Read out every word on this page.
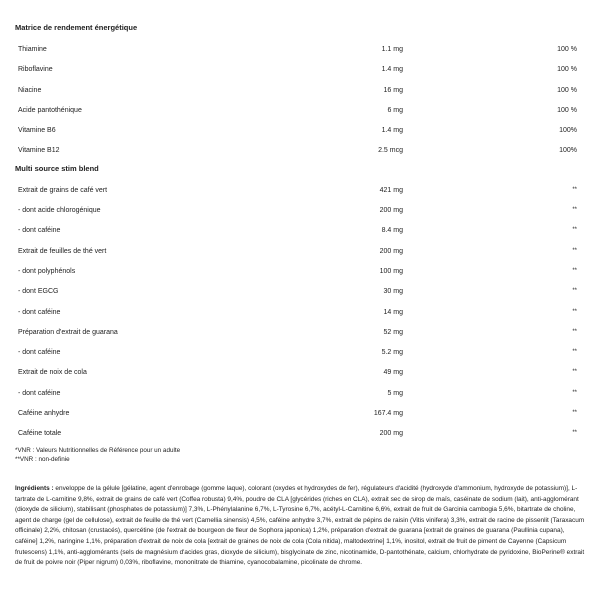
Matrice de rendement énergétique
Thiamine	1.1 mg	100 %
Riboflavine	1.4 mg	100 %
Niacine	16 mg	100 %
Acide pantothénique	6 mg	100 %
Vitamine B6	1.4 mg	100%
Vitamine B12	2.5 mcg	100%
Multi source stim blend
Extrait de grains de café vert	421 mg	**
- dont acide chlorogénique	200 mg	**
- dont caféine	8.4 mg	**
Extrait de feuilles de thé vert	200 mg	**
- dont polyphénols	100 mg	**
- dont EGCG	30 mg	**
- dont caféine	14 mg	**
Préparation d'extrait de guarana	52 mg	**
- dont caféine	5.2 mg	**
Extrait de noix de cola	49 mg	**
- dont caféine	5 mg	**
Caféine anhydre	167.4 mg	**
Caféine totale	200 mg	**
*VNR : Valeurs Nutritionnelles de Référence pour un adulte
**VNR : non-definie
Ingrédients : enveloppe de la gélule [gélatine, agent d'enrobage (gomme laque), colorant (oxydes et hydroxydes de fer), régulateurs d'acidité (hydroxyde d'ammonium, hydroxyde de potassium)], L-tartrate de L-carnitine 9,8%, extrait de grains de café vert (Coffea robusta) 9,4%, poudre de CLA [glycérides (riches en CLA), extrait sec de sirop de maïs, caséinate de sodium (lait), anti-agglomérant (dioxyde de silicium), stabilisant (phosphates de potassium)] 7,3%, L-Phénylalanine 6,7%, L-Tyrosine 6,7%, acétyl-L-Carnitine 6,6%, extrait de fruit de Garcinia cambogia 5,6%, bitartrate de choline, agent de charge (gel de cellulose), extrait de feuille de thé vert (Camellia sinensis) 4,5%, caféine anhydre 3,7%, extrait de pépins de raisin (Vitis vinifera) 3,3%, extrait de racine de pissenlit (Taraxacum officinale) 2,2%, chitosan (crustacés), quercétine (de l'extrait de bourgeon de fleur de Sophora japonica) 1,2%, préparation d'extrait de guarana [extrait de graines de guarana (Paullinia cupana), caféine] 1,2%, naringine 1,1%, préparation d'extrait de noix de cola [extrait de graines de noix de cola (Cola nitida), maltodextrine] 1,1%, inositol, extrait de fruit de piment de Cayenne (Capsicum frutescens) 1,1%, anti-agglomérants (sels de magnésium d'acides gras, dioxyde de silicium), bisglycinate de zinc, nicotinamide, D-pantothénate, calcium, chlorhydrate de pyridoxine, BioPerine® extrait de fruit de poivre noir (Piper nigrum) 0,03%, riboflavine, mononitrate de thiamine, cyanocobalamine, picolinate de chrome.
